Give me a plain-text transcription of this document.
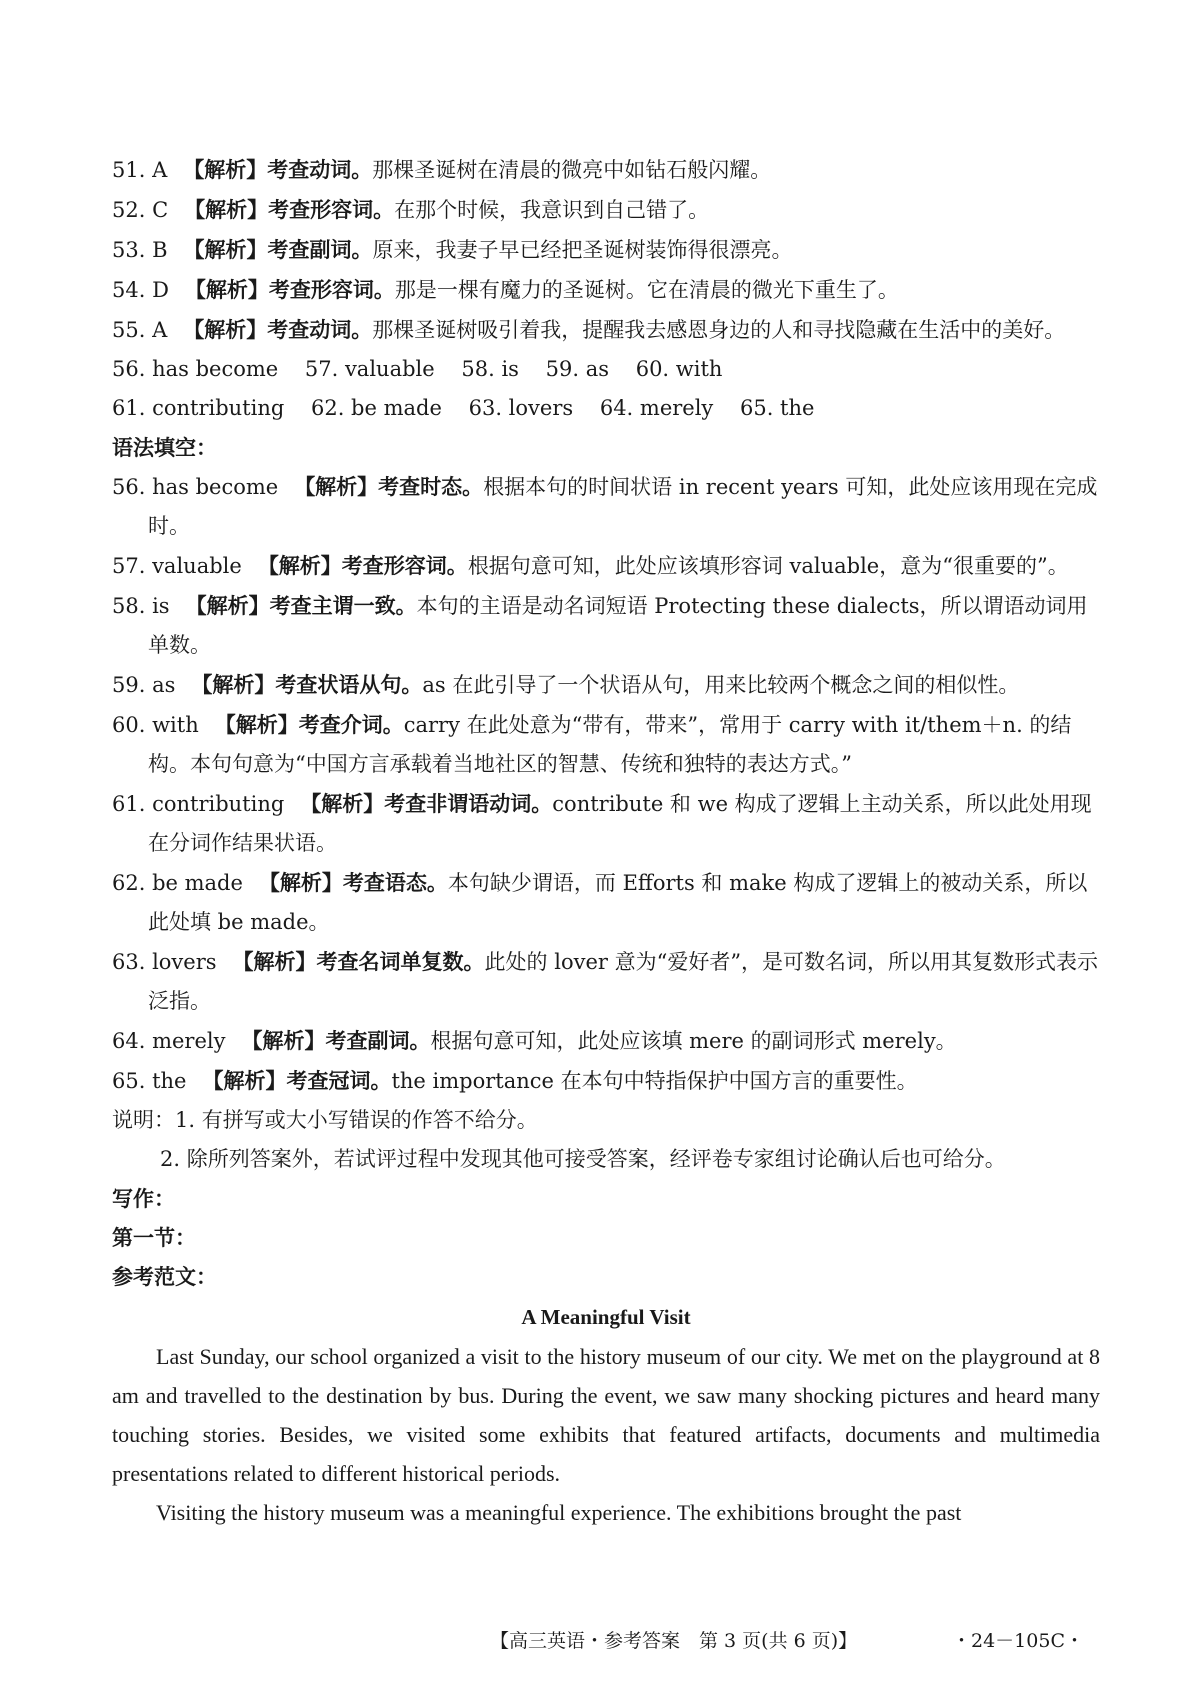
51. A 【解析】考查动词。那棵圣诞树在清晨的微亮中如钻石般闪耀。
52. C 【解析】考查形容词。在那个时候，我意识到自己错了。
53. B 【解析】考查副词。原来，我妻子早已经把圣诞树装饰得很漂亮。
54. D 【解析】考查形容词。那是一棵有魔力的圣诞树。它在清晨的微光下重生了。
55. A 【解析】考查动词。那棵圣诞树吸引着我，提醒我去感恩身边的人和寻找隐藏在生活中的美好。
56. has become 57. valuable 58. is 59. as 60. with
61. contributing 62. be made 63. lovers 64. merely 65. the
语法填空：
56. has become 【解析】考查时态。根据本句的时间状语 in recent years 可知，此处应该用现在完成时。
57. valuable 【解析】考查形容词。根据句意可知，此处应该填形容词 valuable，意为“很重要的”。
58. is 【解析】考查主谓一致。本句的主语是动名词短语 Protecting these dialects，所以谓语动词用单数。
59. as 【解析】考查状语从句。as 在此引导了一个状语从句，用来比较两个概念之间的相似性。
60. with 【解析】考查介词。carry 在此处意为“带有，带来”，常用于 carry with it/them＋n. 的结构。本句句意为“中国方言承载着当地社区的智慧、传统和独特的表达方式。”
61. contributing 【解析】考查非谓语动词。contribute 和 we 构成了逻辑上主动关系，所以此处用现在分词作结果状语。
62. be made 【解析】考查语态。本句缺少谓语，而 Efforts 和 make 构成了逻辑上的被动关系，所以此处填 be made。
63. lovers 【解析】考查名词单复数。此处的 lover 意为“爱好者”，是可数名词，所以用其复数形式表示泛指。
64. merely 【解析】考查副词。根据句意可知，此处应该填 mere 的副词形式 merely。
65. the 【解析】考查冠词。the importance 在本句中特指保护中国方言的重要性。
说明：1. 有拼写或大小写错误的作答不给分。
2. 除所列答案外，若试评过程中发现其他可接受答案，经评卷专家组讨论确认后也可给分。
写作：
第一节：
参考范文：
A Meaningful Visit
Last Sunday, our school organized a visit to the history museum of our city. We met on the playground at 8 am and travelled to the destination by bus. During the event, we saw many shocking pictures and heard many touching stories. Besides, we visited some exhibits that featured artifacts, documents and multimedia presentations related to different historical periods.
Visiting the history museum was a meaningful experience. The exhibitions brought the past
【高三英语・参考答案　第 3 页(共 6 页)】	・24－105C・
